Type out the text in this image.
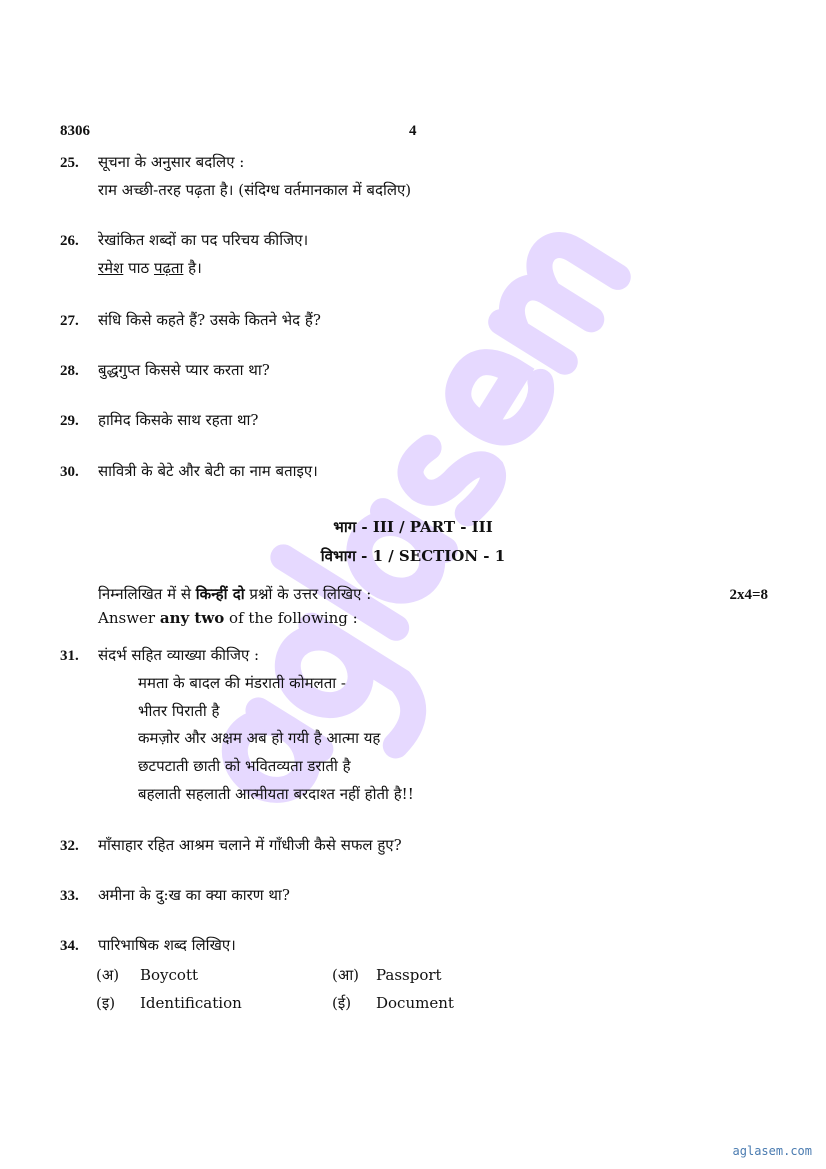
8306	4
25. सूचना के अनुसार बदलिए :
राम अच्छी-तरह पढ़ता है। (संदिग्ध वर्तमानकाल में बदलिए)
26. रेखांकित शब्दों का पद परिचय कीजिए।
रमेश पाठ पढ़ता है।
27. संधि किसे कहते हैं? उसके कितने भेद हैं?
28. बुद्धगुप्त किससे प्यार करता था?
29. हामिद किसके साथ रहता था?
30. सावित्री के बेटे और बेटी का नाम बताइए।
भाग - III / PART - III
विभाग - 1 / SECTION - 1
निम्नलिखित में से किन्हीं दो प्रश्नों के उत्तर लिखिए :	2x4=8
Answer any two of the following :
31. संदर्भ सहित व्याख्या कीजिए :
ममता के बादल की मंडराती कोमलता -
भीतर पिराती है
कमज़ोर और अक्षम अब हो गयी है आत्मा यह
छटपटाती छाती को भवितव्यता डराती है
बहलाती सहलाती आत्मीयता बरदाश्त नहीं होती है!!
32. माँसाहार रहित आश्रम चलाने में गाँधीजी कैसे सफल हुए?
33. अमीना के दु:ख का क्या कारण था?
34. पारिभाषिक शब्द लिखिए।
(अ) Boycott	(आ) Passport
(इ) Identification	(ई) Document
aglasem.com
